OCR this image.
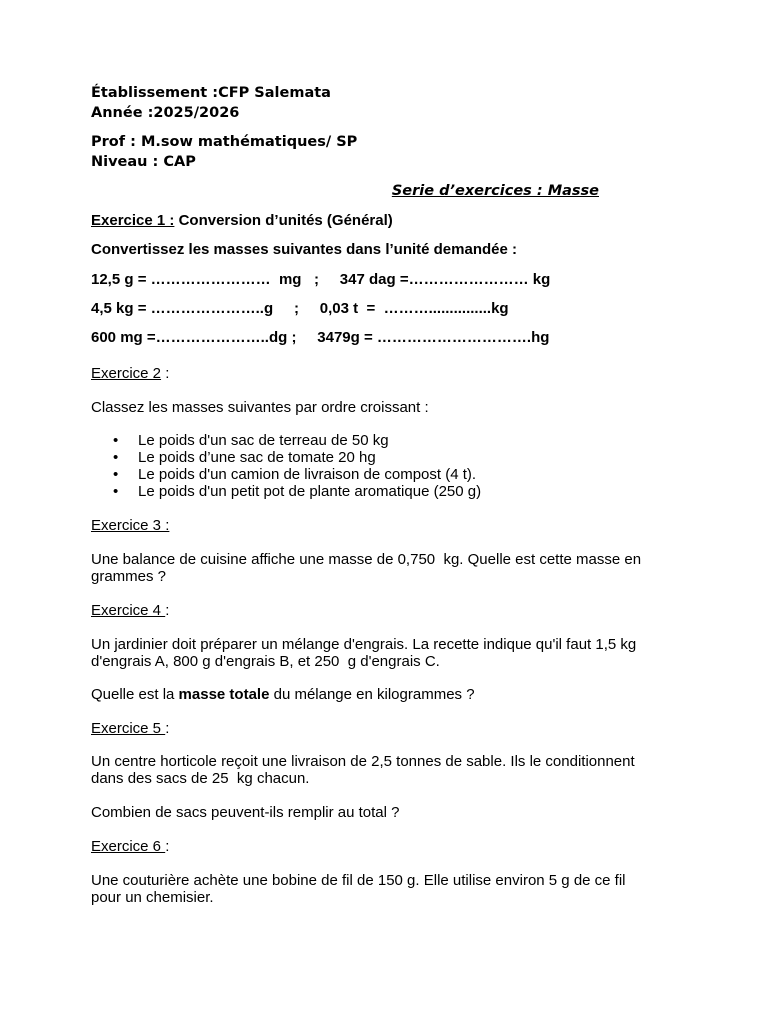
Établissement :CFP Salemata
Année :2025/2026
Prof : M.sow mathématiques/ SP
Niveau : CAP
Serie d’exercices : Masse
Exercice 1 : Conversion d’unités (Général)
Convertissez les masses suivantes dans l’unité demandée :
12,5 g = ……………………  mg   ;     347 dag =…………………… kg
4,5 kg = …………………..g     ;     0,03 t  =  ………...............kg
600 mg =…………………..dg ;     3479g = ………………………….hg
Exercice 2 :
Classez les masses suivantes par ordre croissant :
• Le poids d'un sac de terreau de 50 kg
• Le poids d’une sac de tomate 20 hg
• Le poids d'un camion de livraison de compost (4 t).
• Le poids d'un petit pot de plante aromatique (250 g)
Exercice 3 :
Une balance de cuisine affiche une masse de 0,750  kg. Quelle est cette masse en
grammes ?
Exercice 4 :
Un jardinier doit préparer un mélange d'engrais. La recette indique qu'il faut 1,5 kg
d'engrais A, 800 g d'engrais B, et 250  g d'engrais C.
Quelle est la masse totale du mélange en kilogrammes ?
Exercice 5 :
Un centre horticole reçoit une livraison de 2,5 tonnes de sable. Ils le conditionnent
dans des sacs de 25  kg chacun.
Combien de sacs peuvent-ils remplir au total ?
Exercice 6 :
Une couturière achète une bobine de fil de 150 g. Elle utilise environ 5 g de ce fil
pour un chemisier.
